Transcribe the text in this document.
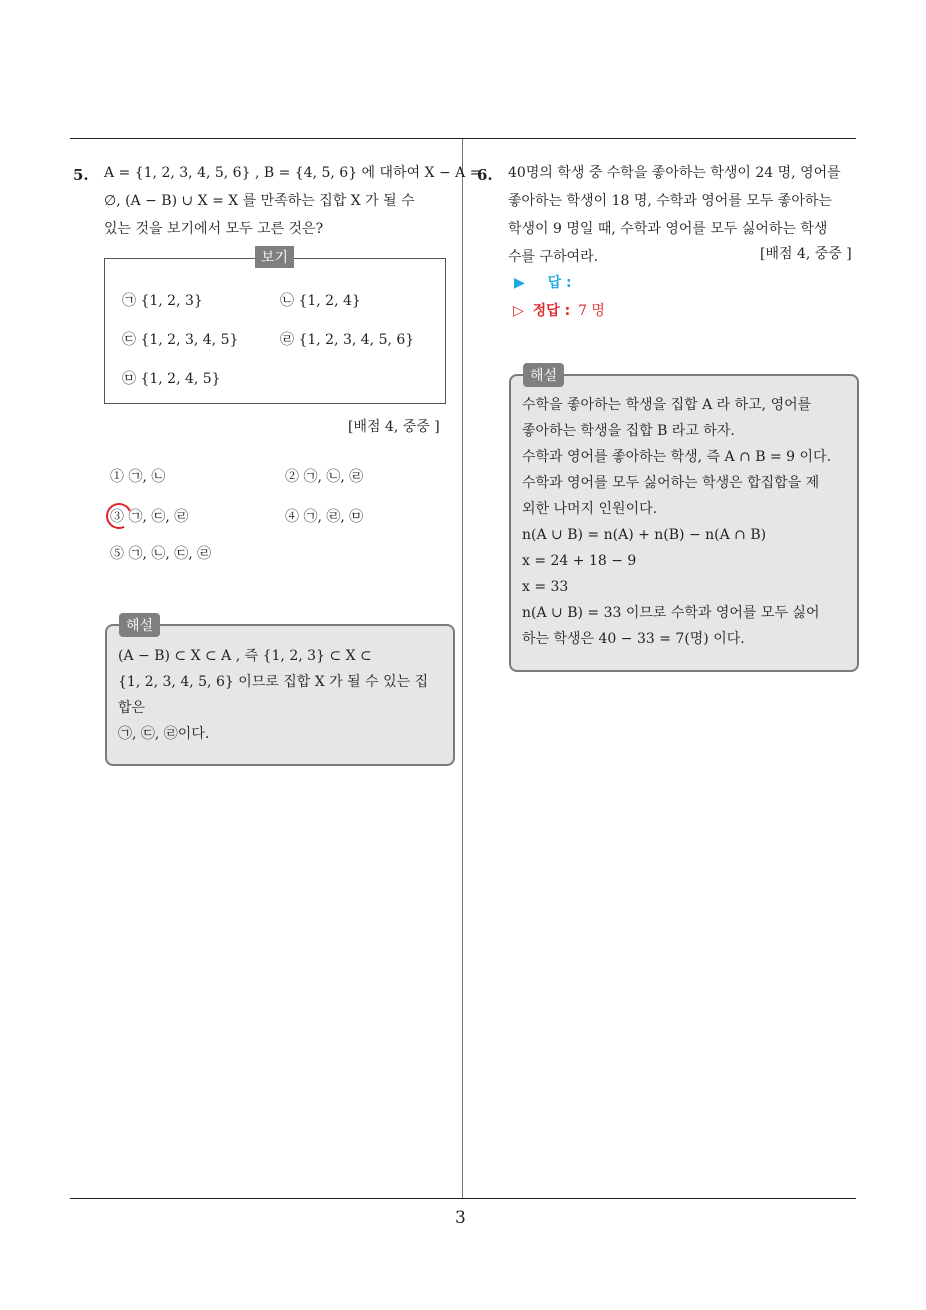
5. A = {1, 2, 3, 4, 5, 6} , B = {4, 5, 6} 에 대하여 X − A =
∅, (A − B) ∪ X = X 를 만족하는 집합 X 가 될 수
있는 것을 보기에서 모두 고른 것은?
보기
㉠ {1, 2, 3}	㉡ {1, 2, 4}
㉢ {1, 2, 3, 4, 5}	㉣ {1, 2, 3, 4, 5, 6}
㉤ {1, 2, 4, 5}
[배점 4, 중중 ]
① ㉠, ㉡	② ㉠, ㉡, ㉣
③ ㉠, ㉢, ㉣	④ ㉠, ㉣, ㉤
⑤ ㉠, ㉡, ㉢, ㉣
해설
(A − B) ⊂ X ⊂ A , 즉 {1, 2, 3} ⊂ X ⊂
{1, 2, 3, 4, 5, 6} 이므로 집합 X 가 될 수 있는 집
합은
㉠, ㉢, ㉣이다.
6. 40명의 학생 중 수학을 좋아하는 학생이 24 명, 영어를
좋아하는 학생이 18 명, 수학과 영어를 모두 좋아하는
학생이 9 명일 때, 수학과 영어를 모두 싫어하는 학생
수를 구하여라.	[배점 4, 중중 ]
▶ 답 :
▷ 정답 : 7 명
해설
수학을 좋아하는 학생을 집합 A 라 하고, 영어를
좋아하는 학생을 집합 B 라고 하자.
수학과 영어를 좋아하는 학생, 즉 A ∩ B = 9 이다.
수학과 영어를 모두 싫어하는 학생은 합집합을 제
외한 나머지 인원이다.
n(A ∪ B) = n(A) + n(B) − n(A ∩ B)
x = 24 + 18 − 9
x = 33
n(A ∪ B) = 33 이므로 수학과 영어를 모두 싫어
하는 학생은 40 − 33 = 7(명) 이다.
3
